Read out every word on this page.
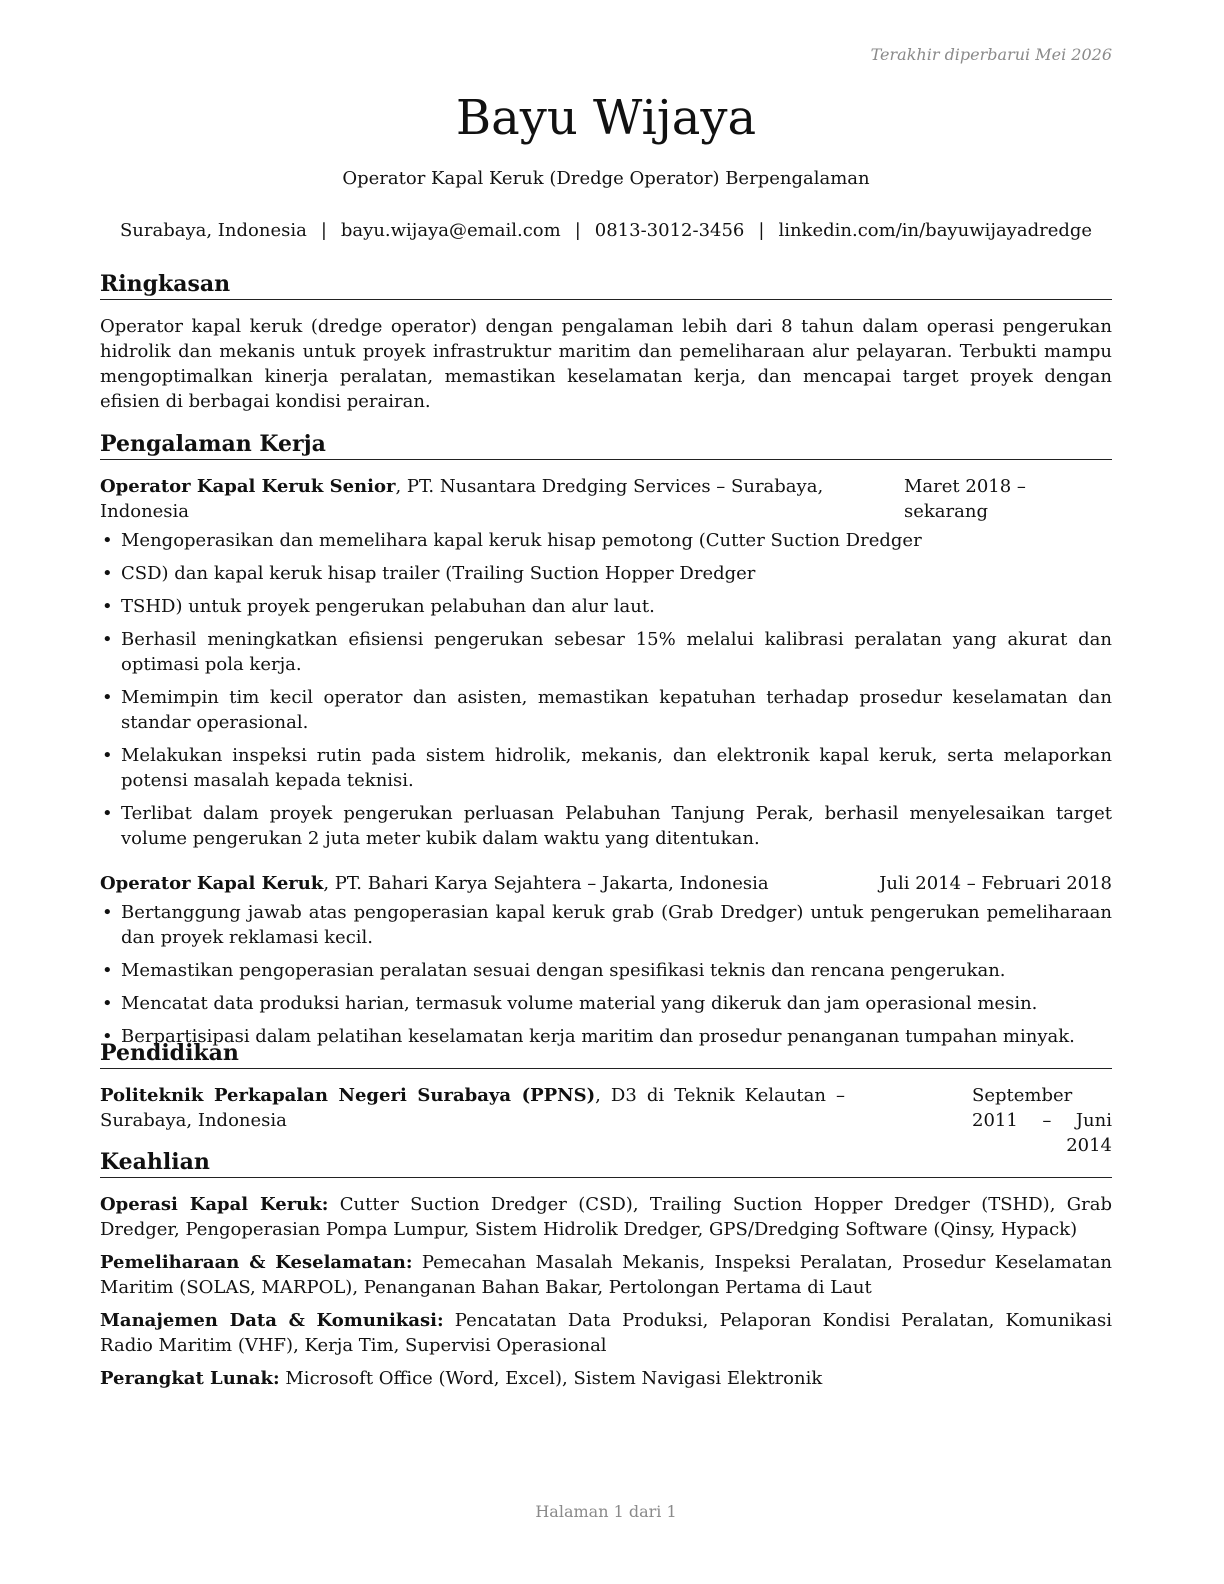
Terakhir diperbarui Mei 2026
Bayu Wijaya
Operator Kapal Keruk (Dredge Operator) Berpengalaman
Surabaya, Indonesia | bayu.wijaya@email.com | 0813-3012-3456 | linkedin.com/in/bayuwijayadredge
Ringkasan
Operator kapal keruk (dredge operator) dengan pengalaman lebih dari 8 tahun dalam operasi pengerukan hidrolik dan mekanis untuk proyek infrastruktur maritim dan pemeliharaan alur pelayaran. Terbukti mampu mengoptimalkan kinerja peralatan, memastikan keselamatan kerja, dan mencapai target proyek dengan efisien di berbagai kondisi perairan.
Pengalaman Kerja
Operator Kapal Keruk Senior, PT. Nusantara Dredging Services – Surabaya, Indonesia
Maret 2018 – sekarang
• Mengoperasikan dan memelihara kapal keruk hisap pemotong (Cutter Suction Dredger
• CSD) dan kapal keruk hisap trailer (Trailing Suction Hopper Dredger
• TSHD) untuk proyek pengerukan pelabuhan dan alur laut.
• Berhasil meningkatkan efisiensi pengerukan sebesar 15% melalui kalibrasi peralatan yang akurat dan optimasi pola kerja.
• Memimpin tim kecil operator dan asisten, memastikan kepatuhan terhadap prosedur keselamatan dan standar operasional.
• Melakukan inspeksi rutin pada sistem hidrolik, mekanis, dan elektronik kapal keruk, serta melaporkan potensi masalah kepada teknisi.
• Terlibat dalam proyek pengerukan perluasan Pelabuhan Tanjung Perak, berhasil menyelesaikan target volume pengerukan 2 juta meter kubik dalam waktu yang ditentukan.
Operator Kapal Keruk, PT. Bahari Karya Sejahtera – Jakarta, Indonesia	Juli 2014 – Februari 2018
• Bertanggung jawab atas pengoperasian kapal keruk grab (Grab Dredger) untuk pengerukan pemeliharaan dan proyek reklamasi kecil.
• Memastikan pengoperasian peralatan sesuai dengan spesifikasi teknis dan rencana pengerukan.
• Mencatat data produksi harian, termasuk volume material yang dikeruk dan jam operasional mesin.
• Berpartisipasi dalam pelatihan keselamatan kerja maritim dan prosedur penanganan tumpahan minyak.
Pendidikan
Politeknik Perkapalan Negeri Surabaya (PPNS), D3 di Teknik Kelautan – Surabaya, Indonesia
September 2011 – Juni 2014
Keahlian
Operasi Kapal Keruk: Cutter Suction Dredger (CSD), Trailing Suction Hopper Dredger (TSHD), Grab Dredger, Pengoperasian Pompa Lumpur, Sistem Hidrolik Dredger, GPS/Dredging Software (Qinsy, Hypack)
Pemeliharaan & Keselamatan: Pemecahan Masalah Mekanis, Inspeksi Peralatan, Prosedur Keselamatan Maritim (SOLAS, MARPOL), Penanganan Bahan Bakar, Pertolongan Pertama di Laut
Manajemen Data & Komunikasi: Pencatatan Data Produksi, Pelaporan Kondisi Peralatan, Komunikasi Radio Maritim (VHF), Kerja Tim, Supervisi Operasional
Perangkat Lunak: Microsoft Office (Word, Excel), Sistem Navigasi Elektronik
Halaman 1 dari 1
